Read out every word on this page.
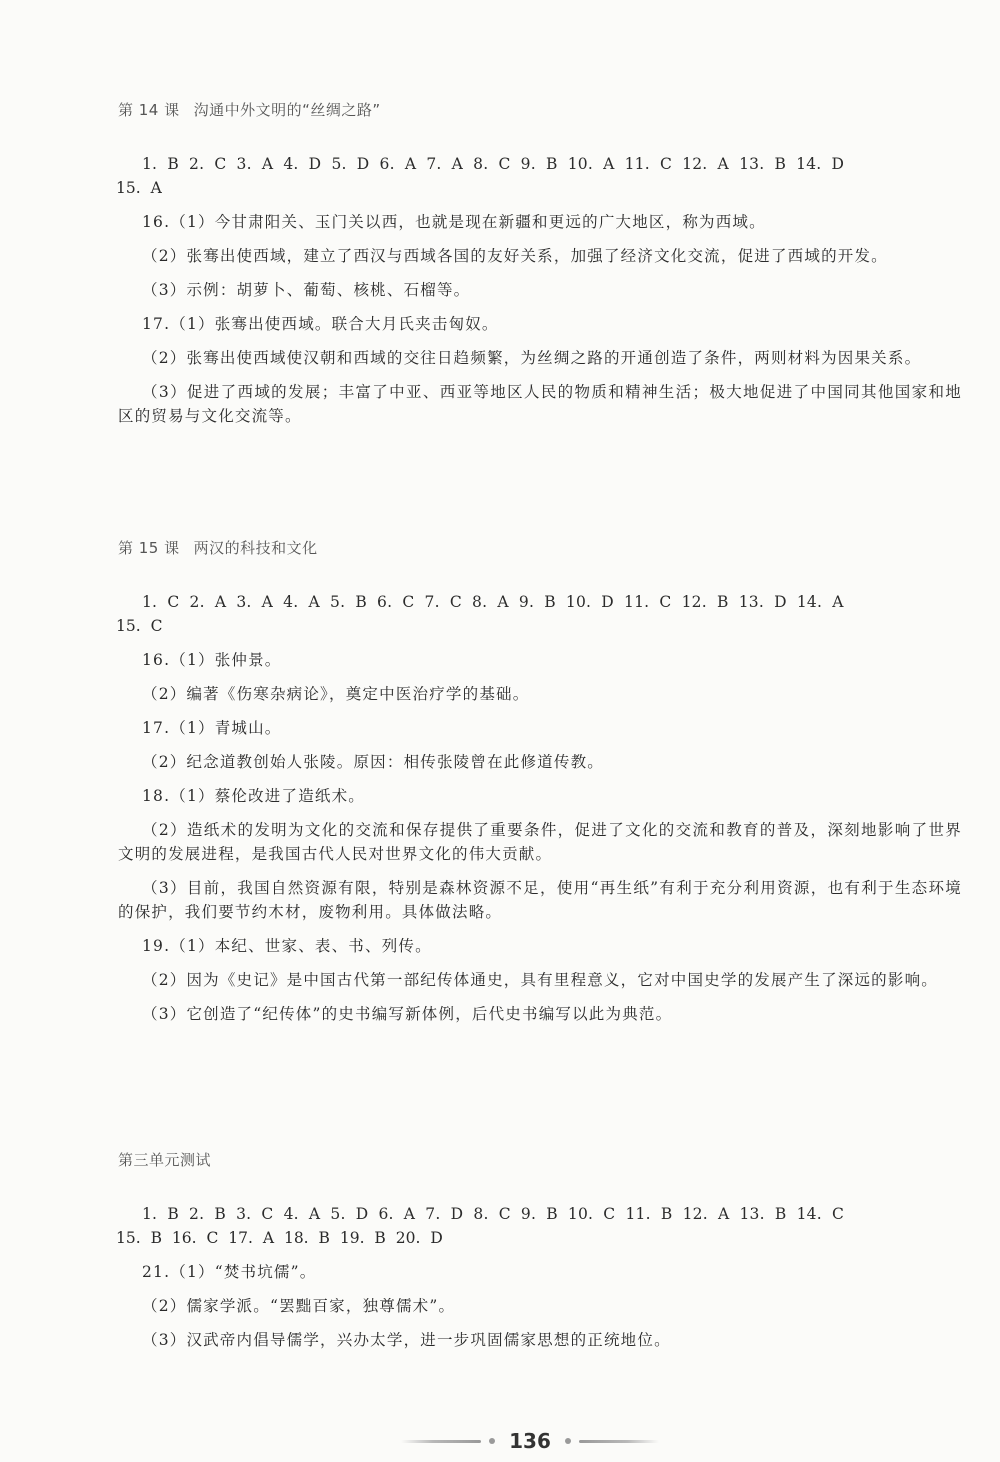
第 14 课 沟通中外文明的“丝绸之路”
1. B 2. C 3. A 4. D 5. D 6. A 7. A 8. C 9. B 10. A 11. C 12. A 13. B 14. D
15. A

16.（1）今甘肃阳关、玉门关以西，也就是现在新疆和更远的广大地区，称为西域。

（2）张骞出使西域，建立了西汉与西域各国的友好关系，加强了经济文化交流，促进了西域的开发。

（3）示例：胡萝卜、葡萄、核桃、石榴等。

17.（1）张骞出使西域。联合大月氏夹击匈奴。

（2）张骞出使西域使汉朝和西域的交往日趋频繁，为丝绸之路的开通创造了条件，两则材料为因果关系。

（3）促进了西域的发展；丰富了中亚、西亚等地区人民的物质和精神生活；极大地促进了中国同其他国家和地区的贸易与文化交流等。

第 15 课 两汉的科技和文化
1. C 2. A 3. A 4. A 5. B 6. C 7. C 8. A 9. B 10. D 11. C 12. B 13. D 14. A
15. C

16.（1）张仲景。

（2）编著《伤寒杂病论》，奠定中医治疗学的基础。

17.（1）青城山。

（2）纪念道教创始人张陵。原因：相传张陵曾在此修道传教。

18.（1）蔡伦改进了造纸术。

（2）造纸术的发明为文化的交流和保存提供了重要条件，促进了文化的交流和教育的普及，深刻地影响了世界文明的发展进程，是我国古代人民对世界文化的伟大贡献。

（3）目前，我国自然资源有限，特别是森林资源不足，使用“再生纸”有利于充分利用资源，也有利于生态环境的保护，我们要节约木材，废物利用。具体做法略。

19.（1）本纪、世家、表、书、列传。

（2）因为《史记》是中国古代第一部纪传体通史，具有里程意义，它对中国史学的发展产生了深远的影响。

（3）它创造了“纪传体”的史书编写新体例，后代史书编写以此为典范。

第三单元测试
1. B 2. B 3. C 4. A 5. D 6. A 7. D 8. C 9. B 10. C 11. B 12. A 13. B 14. C
15. B 16. C 17. A 18. B 19. B 20. D

21.（1）“焚书坑儒”。

（2）儒家学派。“罢黜百家，独尊儒术”。

（3）汉武帝内倡导儒学，兴办太学，进一步巩固儒家思想的正统地位。

136
